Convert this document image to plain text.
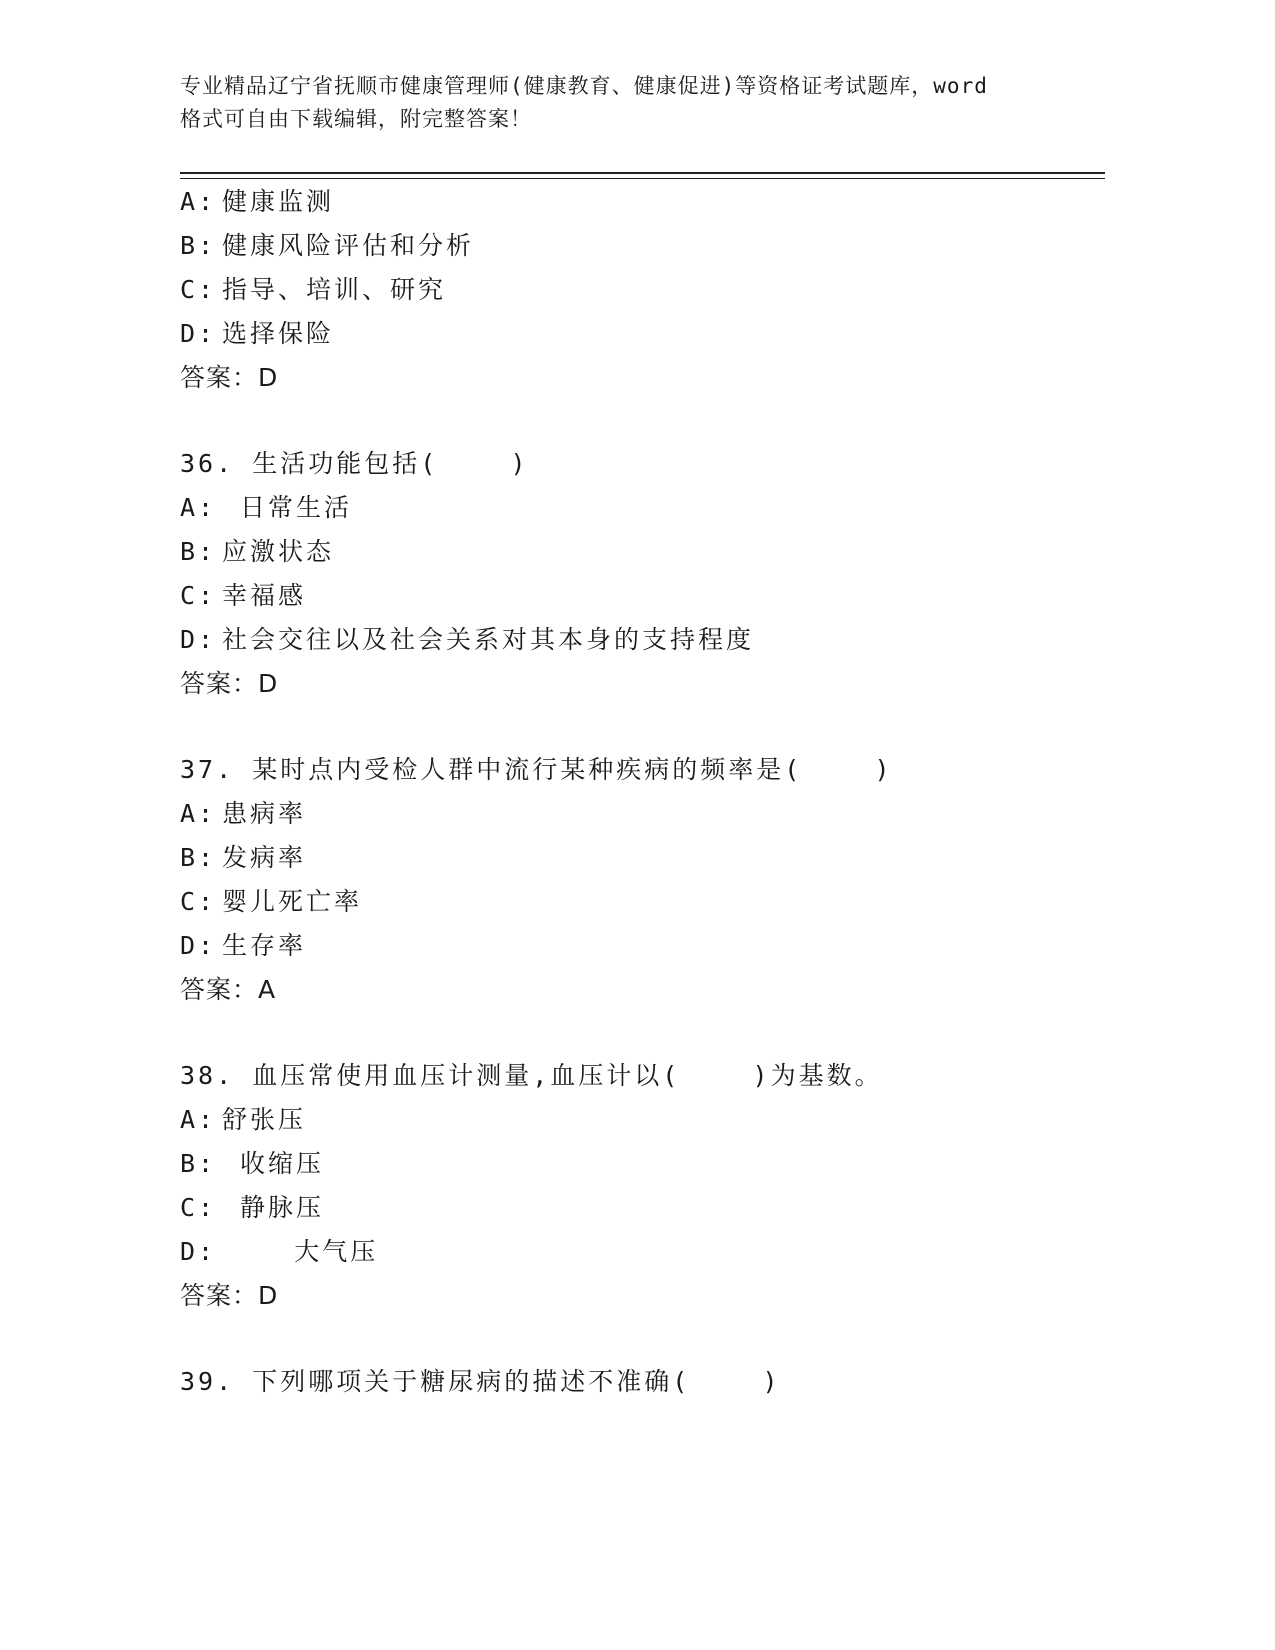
专业精品辽宁省抚顺市健康管理师(健康教育、健康促进)等资格证考试题库，word
格式可自由下载编辑，附完整答案！
A: 健康监测
B: 健康风险评估和分析
C: 指导、培训、研究
D: 选择保险
答案：D
36. 生活功能包括(    )
A: 日常生活
B: 应激状态
C: 幸福感
D: 社会交往以及社会关系对其本身的支持程度
答案：D
37. 某时点内受检人群中流行某种疾病的频率是(    )
A: 患病率
B: 发病率
C: 婴儿死亡率
D: 生存率
答案：A
38. 血压常使用血压计测量,血压计以(    )为基数。
A: 舒张压
B: 收缩压
C: 静脉压
D:    大气压
答案：D
39. 下列哪项关于糖尿病的描述不准确(    )
